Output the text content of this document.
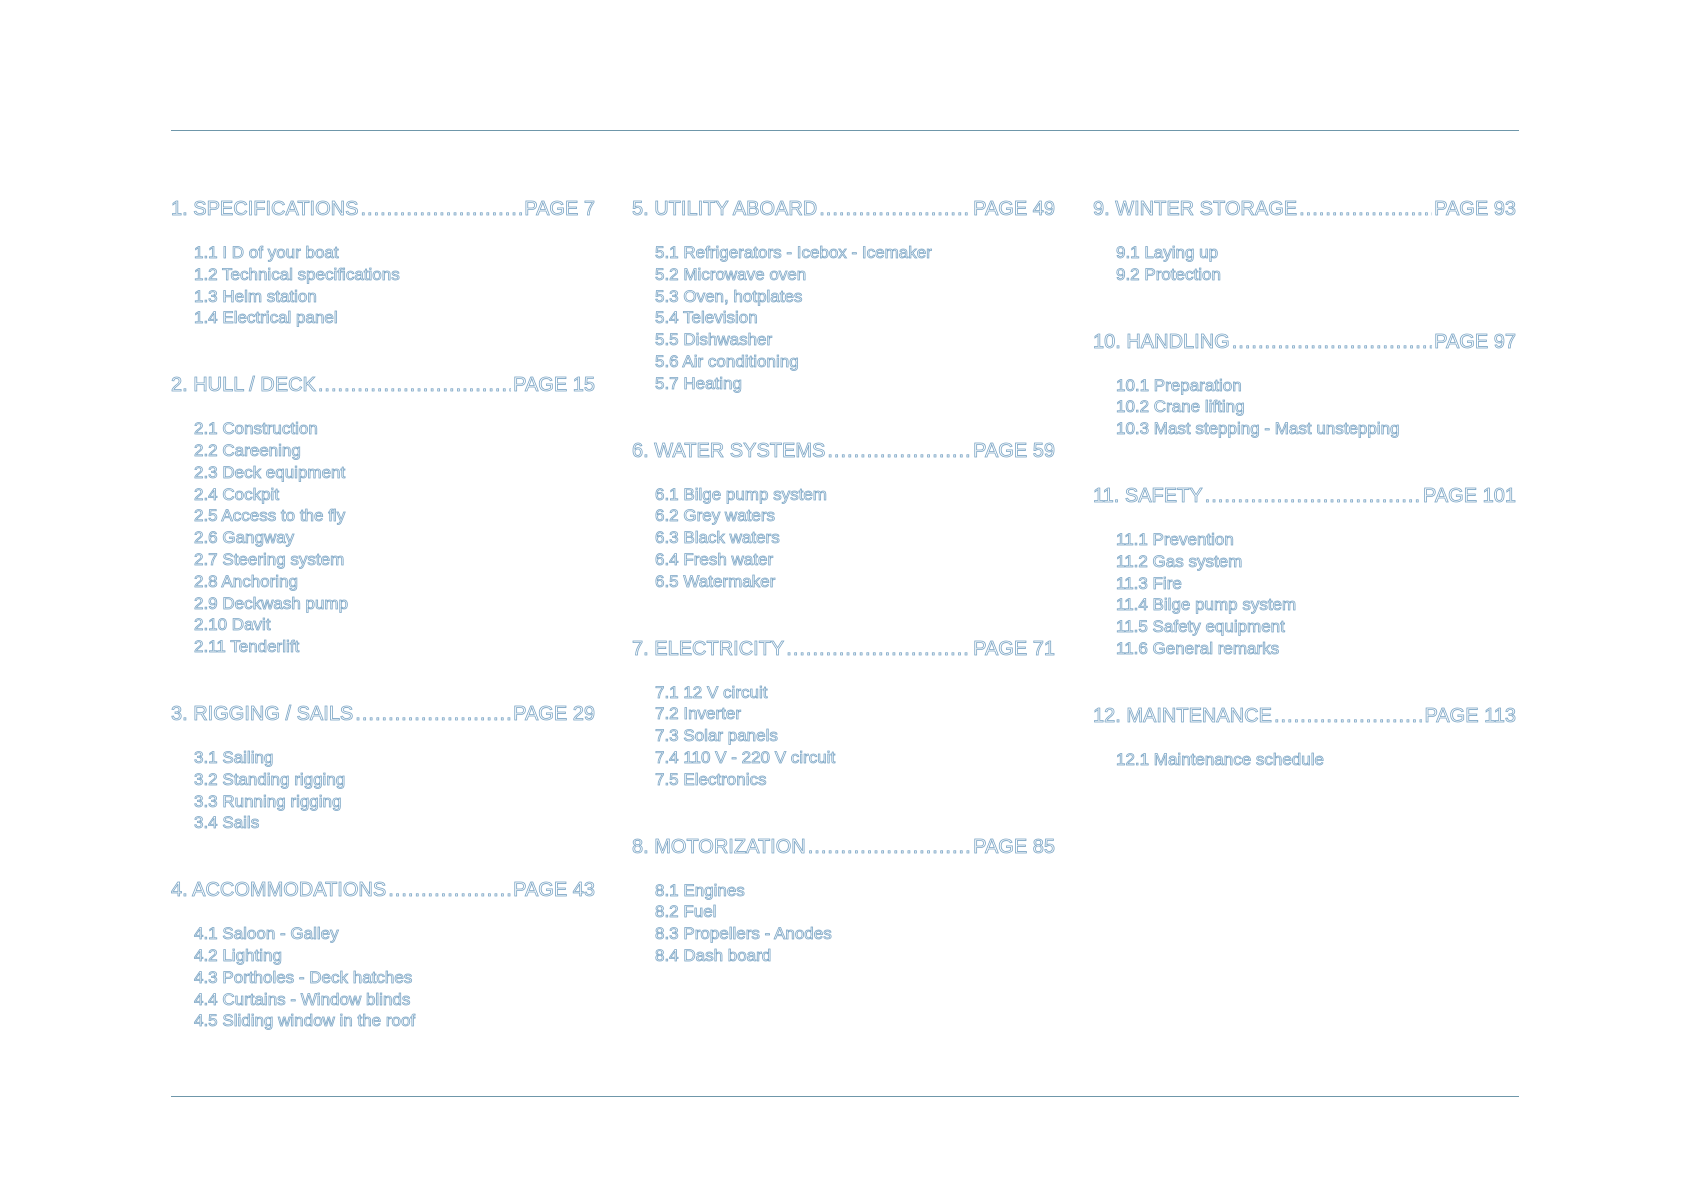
1. SPECIFICATIONS .....	PAGE 7
1.1 I D of your boat
1.2 Technical specifications
1.3 Helm station
1.4 Electrical panel
2. HULL / DECK .....	PAGE 15
2.1 Construction
2.2 Careening
2.3 Deck equipment
2.4 Cockpit
2.5 Access to the fly
2.6 Gangway
2.7 Steering system
2.8 Anchoring
2.9 Deckwash pump
2.10 Davit
2.11 Tenderlift
3. RIGGING / SAILS .....	PAGE 29
3.1 Sailing
3.2 Standing rigging
3.3 Running rigging
3.4 Sails
4. ACCOMMODATIONS .....	PAGE 43
4.1 Saloon - Galley
4.2 Lighting
4.3 Portholes - Deck hatches
4.4 Curtains - Window blinds
4.5 Sliding window in the roof
5. UTILITY ABOARD .....	PAGE 49
5.1 Refrigerators - Icebox - Icemaker
5.2 Microwave oven
5.3 Oven, hotplates
5.4 Television
5.5 Dishwasher
5.6 Air conditioning
5.7 Heating
6. WATER SYSTEMS .....	PAGE 59
6.1 Bilge pump system
6.2 Grey waters
6.3 Black waters
6.4 Fresh water
6.5 Watermaker
7. ELECTRICITY .....	PAGE 71
7.1 12 V circuit
7.2 Inverter
7.3 Solar panels
7.4 110 V - 220 V circuit
7.5 Electronics
8. MOTORIZATION .....	PAGE 85
8.1 Engines
8.2 Fuel
8.3 Propellers - Anodes
8.4 Dash board
9. WINTER STORAGE .....	PAGE 93
9.1 Laying up
9.2 Protection
10. HANDLING .....	PAGE 97
10.1 Preparation
10.2 Crane lifting
10.3 Mast stepping - Mast unstepping
11. SAFETY .....	PAGE 101
11.1 Prevention
11.2 Gas system
11.3 Fire
11.4 Bilge pump system
11.5 Safety equipment
11.6 General remarks
12. MAINTENANCE .....	PAGE 113
12.1 Maintenance schedule
